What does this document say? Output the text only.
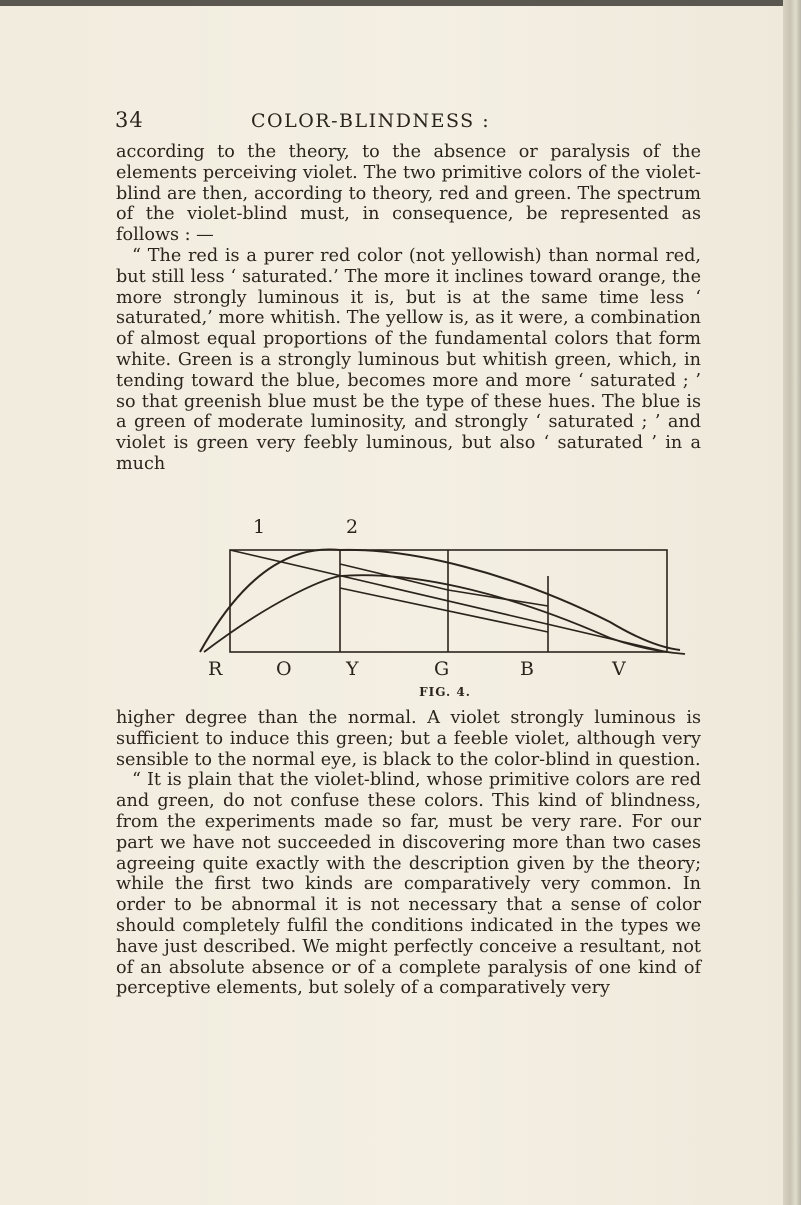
34	COLOR-BLINDNESS :

according to the theory, to the absence or paralysis of the elements perceiving violet. The two primitive colors of the violet-blind are then, according to theory, red and green. The spectrum of the violet-blind must, in consequence, be represented as follows : —

“ The red is a purer red color (not yellowish) than normal red, but still less ‘ saturated.’ The more it inclines toward orange, the more strongly luminous it is, but is at the same time less ‘ saturated,’ more whitish. The yellow is, as it were, a combination of almost equal proportions of the fundamental colors that form white. Green is a strongly luminous but whitish green, which, in tending toward the blue, becomes more and more ‘ saturated ; ’ so that greenish blue must be the type of these hues. The blue is a green of moderate luminosity, and strongly ‘ saturated ; ’ and violet is green very feebly luminous, but also ‘ saturated ’ in a much

1	2
R	O	Y	G	B	V
FIG. 4.

higher degree than the normal. A violet strongly luminous is sufficient to induce this green; but a feeble violet, although very sensible to the normal eye, is black to the color-blind in question.

“ It is plain that the violet-blind, whose primitive colors are red and green, do not confuse these colors. This kind of blindness, from the experiments made so far, must be very rare. For our part we have not succeeded in discovering more than two cases agreeing quite exactly with the description given by the theory; while the first two kinds are comparatively very common. In order to be abnormal it is not necessary that a sense of color should completely fulfil the conditions indicated in the types we have just described. We might perfectly conceive a resultant, not of an absolute absence or of a complete paralysis of one kind of perceptive elements, but solely of a comparatively very
